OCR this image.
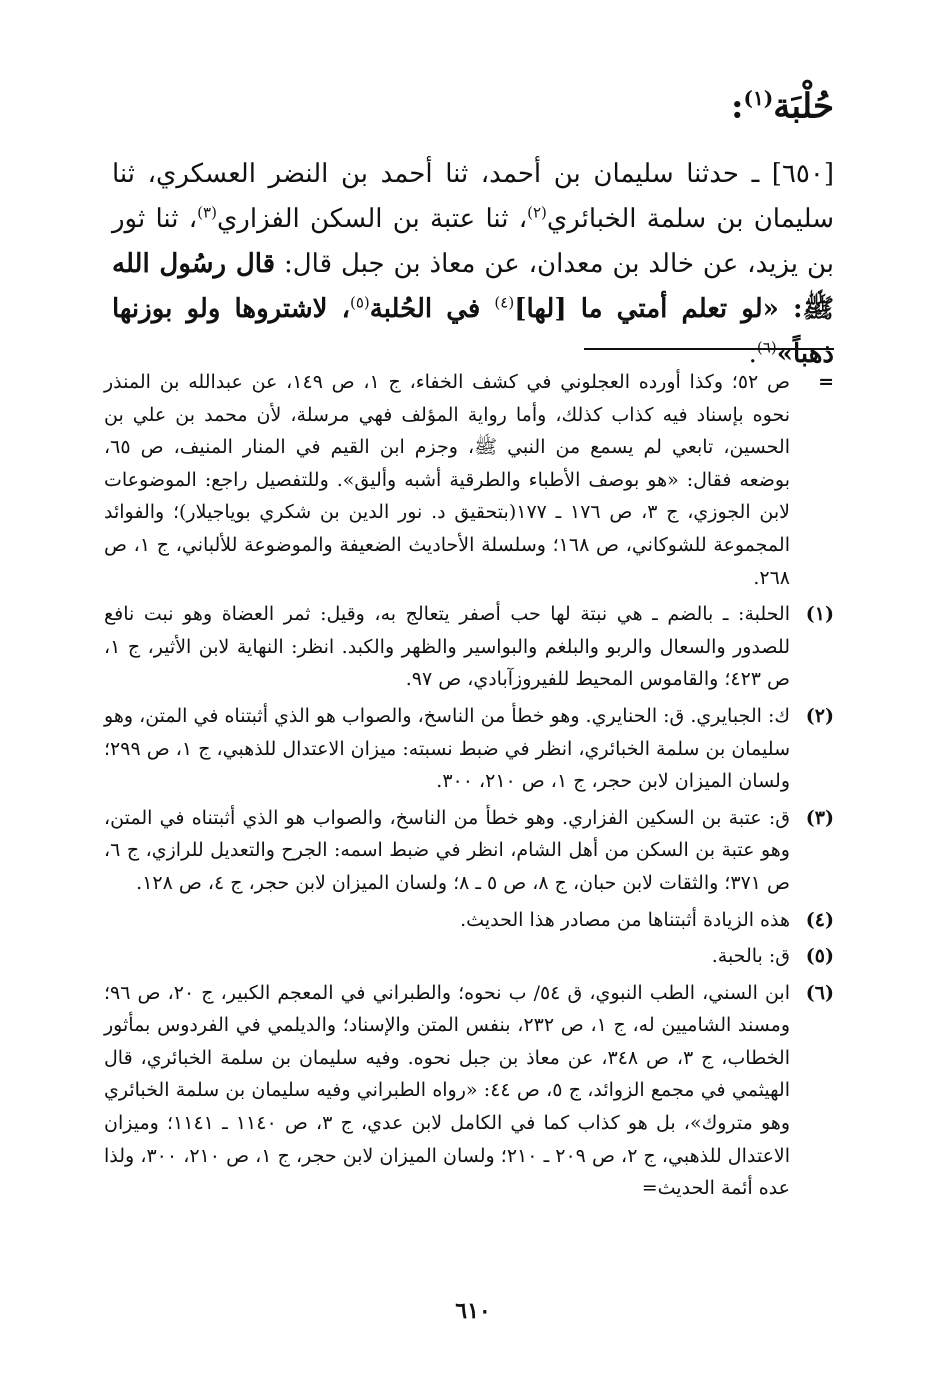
حُلْبَة$^{(١)}$:
[٦٥٠] ـ حدثنا سليمان بن أحمد، ثنا أحمد بن النضر العسكري، ثنا سليمان بن سلمة الخبائري$^{(٢)}$، ثنا عتبة بن السكن الفزاري$^{(٣)}$، ثنا ثور بن يزيد، عن خالد بن معدان، عن معاذ بن جبل قال: قال رسُول الله ﷺ: «لو تعلم أمتي ما [لها]$^{(٤)}$ في الحُلبة$^{(٥)}$، لاشتروها ولو بوزنها ذهباً»$^{(٦)}$.
=
ص ٥٢؛ وكذا أورده العجلوني في كشف الخفاء، ج ١، ص ١٤٩، عن عبدالله بن المنذر نحوه بإسناد فيه كذاب كذلك، وأما رواية المؤلف فهي مرسلة، لأن محمد بن علي بن الحسين، تابعي لم يسمع من النبي ﷺ، وجزم ابن القيم في المنار المنيف، ص ٦٥، بوضعه فقال: «هو بوصف الأطباء والطرقية أشبه وأليق». وللتفصيل راجع: الموضوعات لابن الجوزي، ج ٣، ص ١٧٦ ـ ١٧٧(بتحقيق د. نور الدين بن شكري بوياجيلار)؛ والفوائد المجموعة للشوكاني، ص ١٦٨؛ وسلسلة الأحاديث الضعيفة والموضوعة للألباني، ج ١، ص ٢٦٨.
(١)
الحلبة: ـ بالضم ـ هي نبتة لها حب أصفر يتعالج به، وقيل: ثمر العضاة وهو نبت نافع للصدور والسعال والربو والبلغم والبواسير والظهر والكبد. انظر: النهاية لابن الأثير، ج ١، ص ٤٢٣؛ والقاموس المحيط للفيروزآبادي، ص ٩٧.
(٢)
ك: الجبايري. ق: الحنايري. وهو خطأ من الناسخ، والصواب هو الذي أثبتناه في المتن، وهو سليمان بن سلمة الخبائري، انظر في ضبط نسبته: ميزان الاعتدال للذهبي، ج ١، ص ٢٩٩؛ ولسان الميزان لابن حجر، ج ١، ص ٢١٠، ٣٠٠.
(٣)
ق: عتبة بن السكين الفزاري. وهو خطأ من الناسخ، والصواب هو الذي أثبتناه في المتن، وهو عتبة بن السكن من أهل الشام، انظر في ضبط اسمه: الجرح والتعديل للرازي، ج ٦، ص ٣٧١؛ والثقات لابن حبان، ج ٨، ص ٥ ـ ٨؛ ولسان الميزان لابن حجر، ج ٤، ص ١٢٨.
(٤)
هذه الزيادة أثبتناها من مصادر هذا الحديث.
(٥)
ق: بالحبة.
(٦)
ابن السني، الطب النبوي، ق ٥٤/ ب نحوه؛ والطبراني في المعجم الكبير، ج ٢٠، ص ٩٦؛ ومسند الشاميين له، ج ١، ص ٢٣٢، بنفس المتن والإسناد؛ والديلمي في الفردوس بمأثور الخطاب، ج ٣، ص ٣٤٨، عن معاذ بن جبل نحوه. وفيه سليمان بن سلمة الخبائري، قال الهيثمي في مجمع الزوائد، ج ٥، ص ٤٤: «رواه الطبراني وفيه سليمان بن سلمة الخبائري وهو متروك»، بل هو كذاب كما في الكامل لابن عدي، ج ٣، ص ١١٤٠ ـ ١١٤١؛ وميزان الاعتدال للذهبي، ج ٢، ص ٢٠٩ ـ ٢١٠؛ ولسان الميزان لابن حجر، ج ١، ص ٢١٠، ٣٠٠، ولذا عده أئمة الحديث=
٦١٠
